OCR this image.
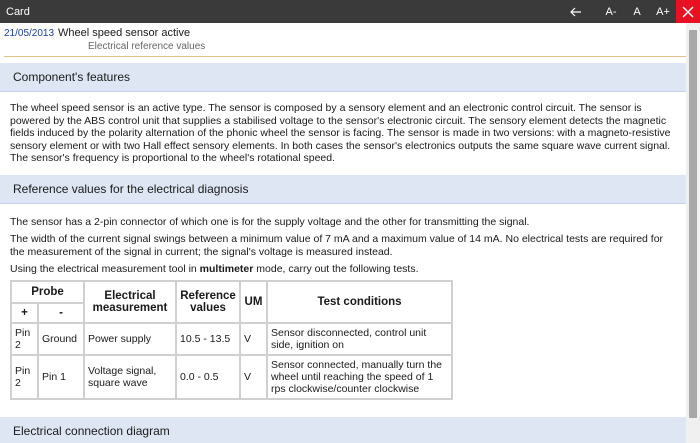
Card	A-	A	A+
21/05/2013 Wheel speed sensor active
Electrical reference values
Component's features

The wheel speed sensor is an active type. The sensor is composed by a sensory element and an electronic control circuit. The sensor is powered by the ABS control unit that supplies a stabilised voltage to the sensor's electronic circuit. The sensory element detects the magnetic fields induced by the polarity alternation of the phonic wheel the sensor is facing. The sensor is made in two versions: with a magneto-resistive sensory element or with two Hall effect sensory elements. In both cases the sensor's electronics outputs the same square wave current signal. The sensor's frequency is proportional to the wheel's rotational speed.

Reference values for the electrical diagnosis

The sensor has a 2-pin connector of which one is for the supply voltage and the other for transmitting the signal.

The width of the current signal swings between a minimum value of 7 mA and a maximum value of 14 mA. No electrical tests are required for the measurement of the signal in current; the signal's voltage is measured instead.

Using the electrical measurement tool in multimeter mode, carry out the following tests.

Probe		Electrical measurement	Reference values	UM	Test conditions
+	-				
Pin 2	Ground	Power supply	10.5 - 13.5	V	Sensor disconnected, control unit side, ignition on
Pin 2	Pin 1	Voltage signal, square wave	0.0 - 0.5	V	Sensor connected, manually turn the wheel until reaching the speed of 1 rps clockwise/counter clockwise
Electrical connection diagram
